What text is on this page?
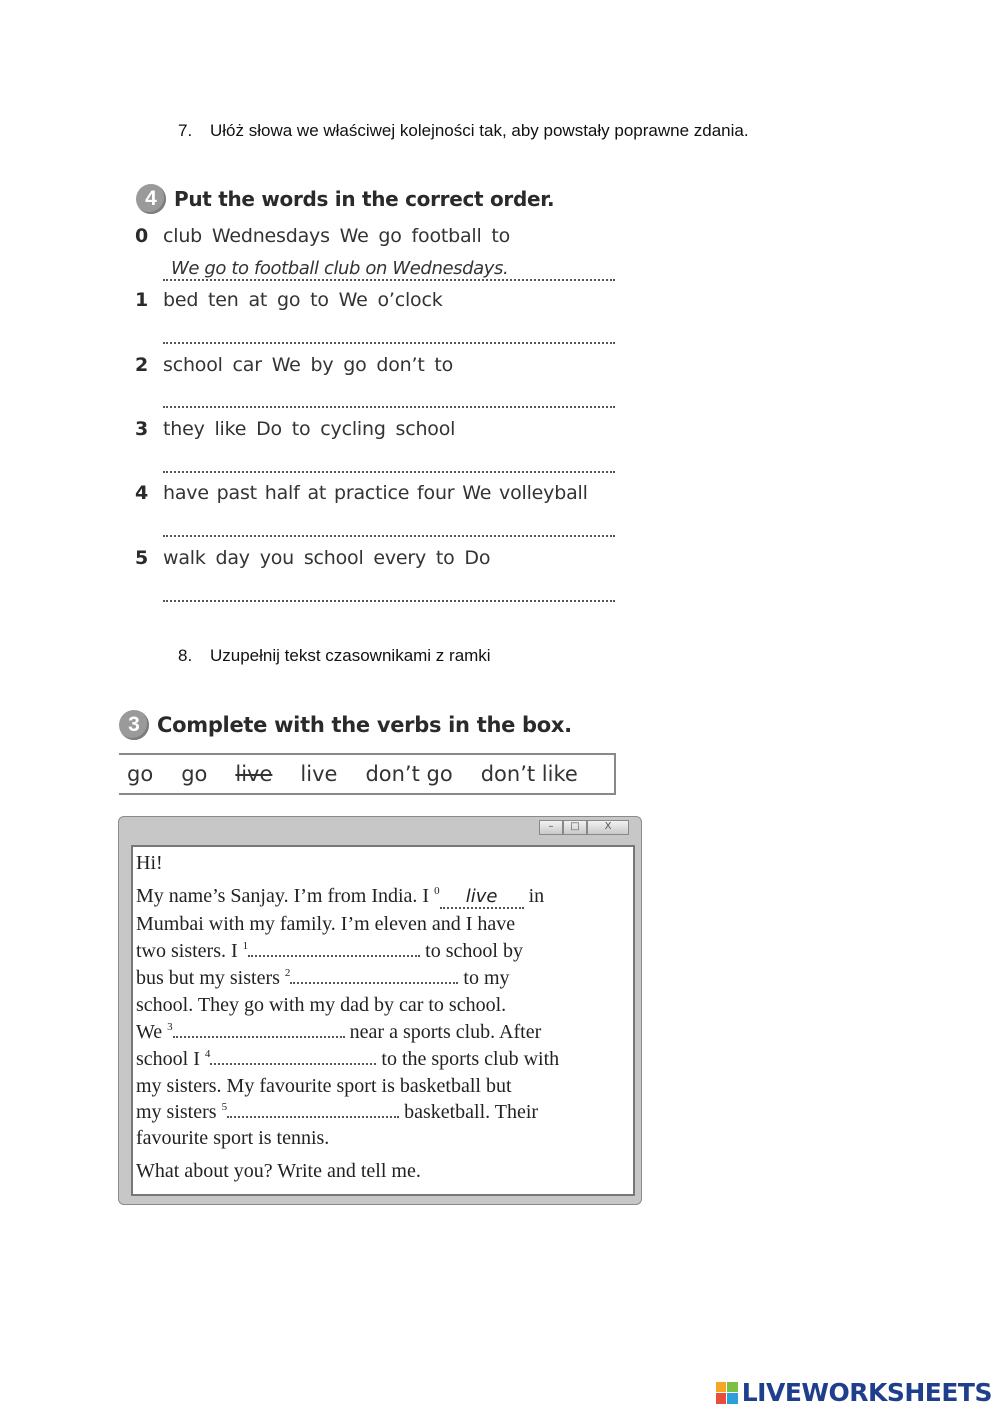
7. Ułóż słowa we właściwej kolejności tak, aby powstały poprawne zdania.
4 Put the words in the correct order.
0 club Wednesdays We go football to
We go to football club on Wednesdays.
1 bed ten at go to We o’clock
2 school car We by go don’t to
3 they like Do to cycling school
4 have past half at practice four We volleyball
5 walk day you school every to Do
8. Uzupełnij tekst czasownikami z ramki
3 Complete with the verbs in the box.
go go live live don’t go don’t like
–	□	X
Hi!
My name’s Sanjay. I’m from India. I $^0$ live in
Mumbai with my family. I’m eleven and I have
two sisters. I $^1$	to school by
bus but my sisters $^2$	to my
school. They go with my dad by car to school.
We $^3$	near a sports club. After
school I $^4$	to the sports club with
my sisters. My favourite sport is basketball but
my sisters $^5$	basketball. Their
favourite sport is tennis.
What about you? Write and tell me.
LIVEWORKSHEETS
